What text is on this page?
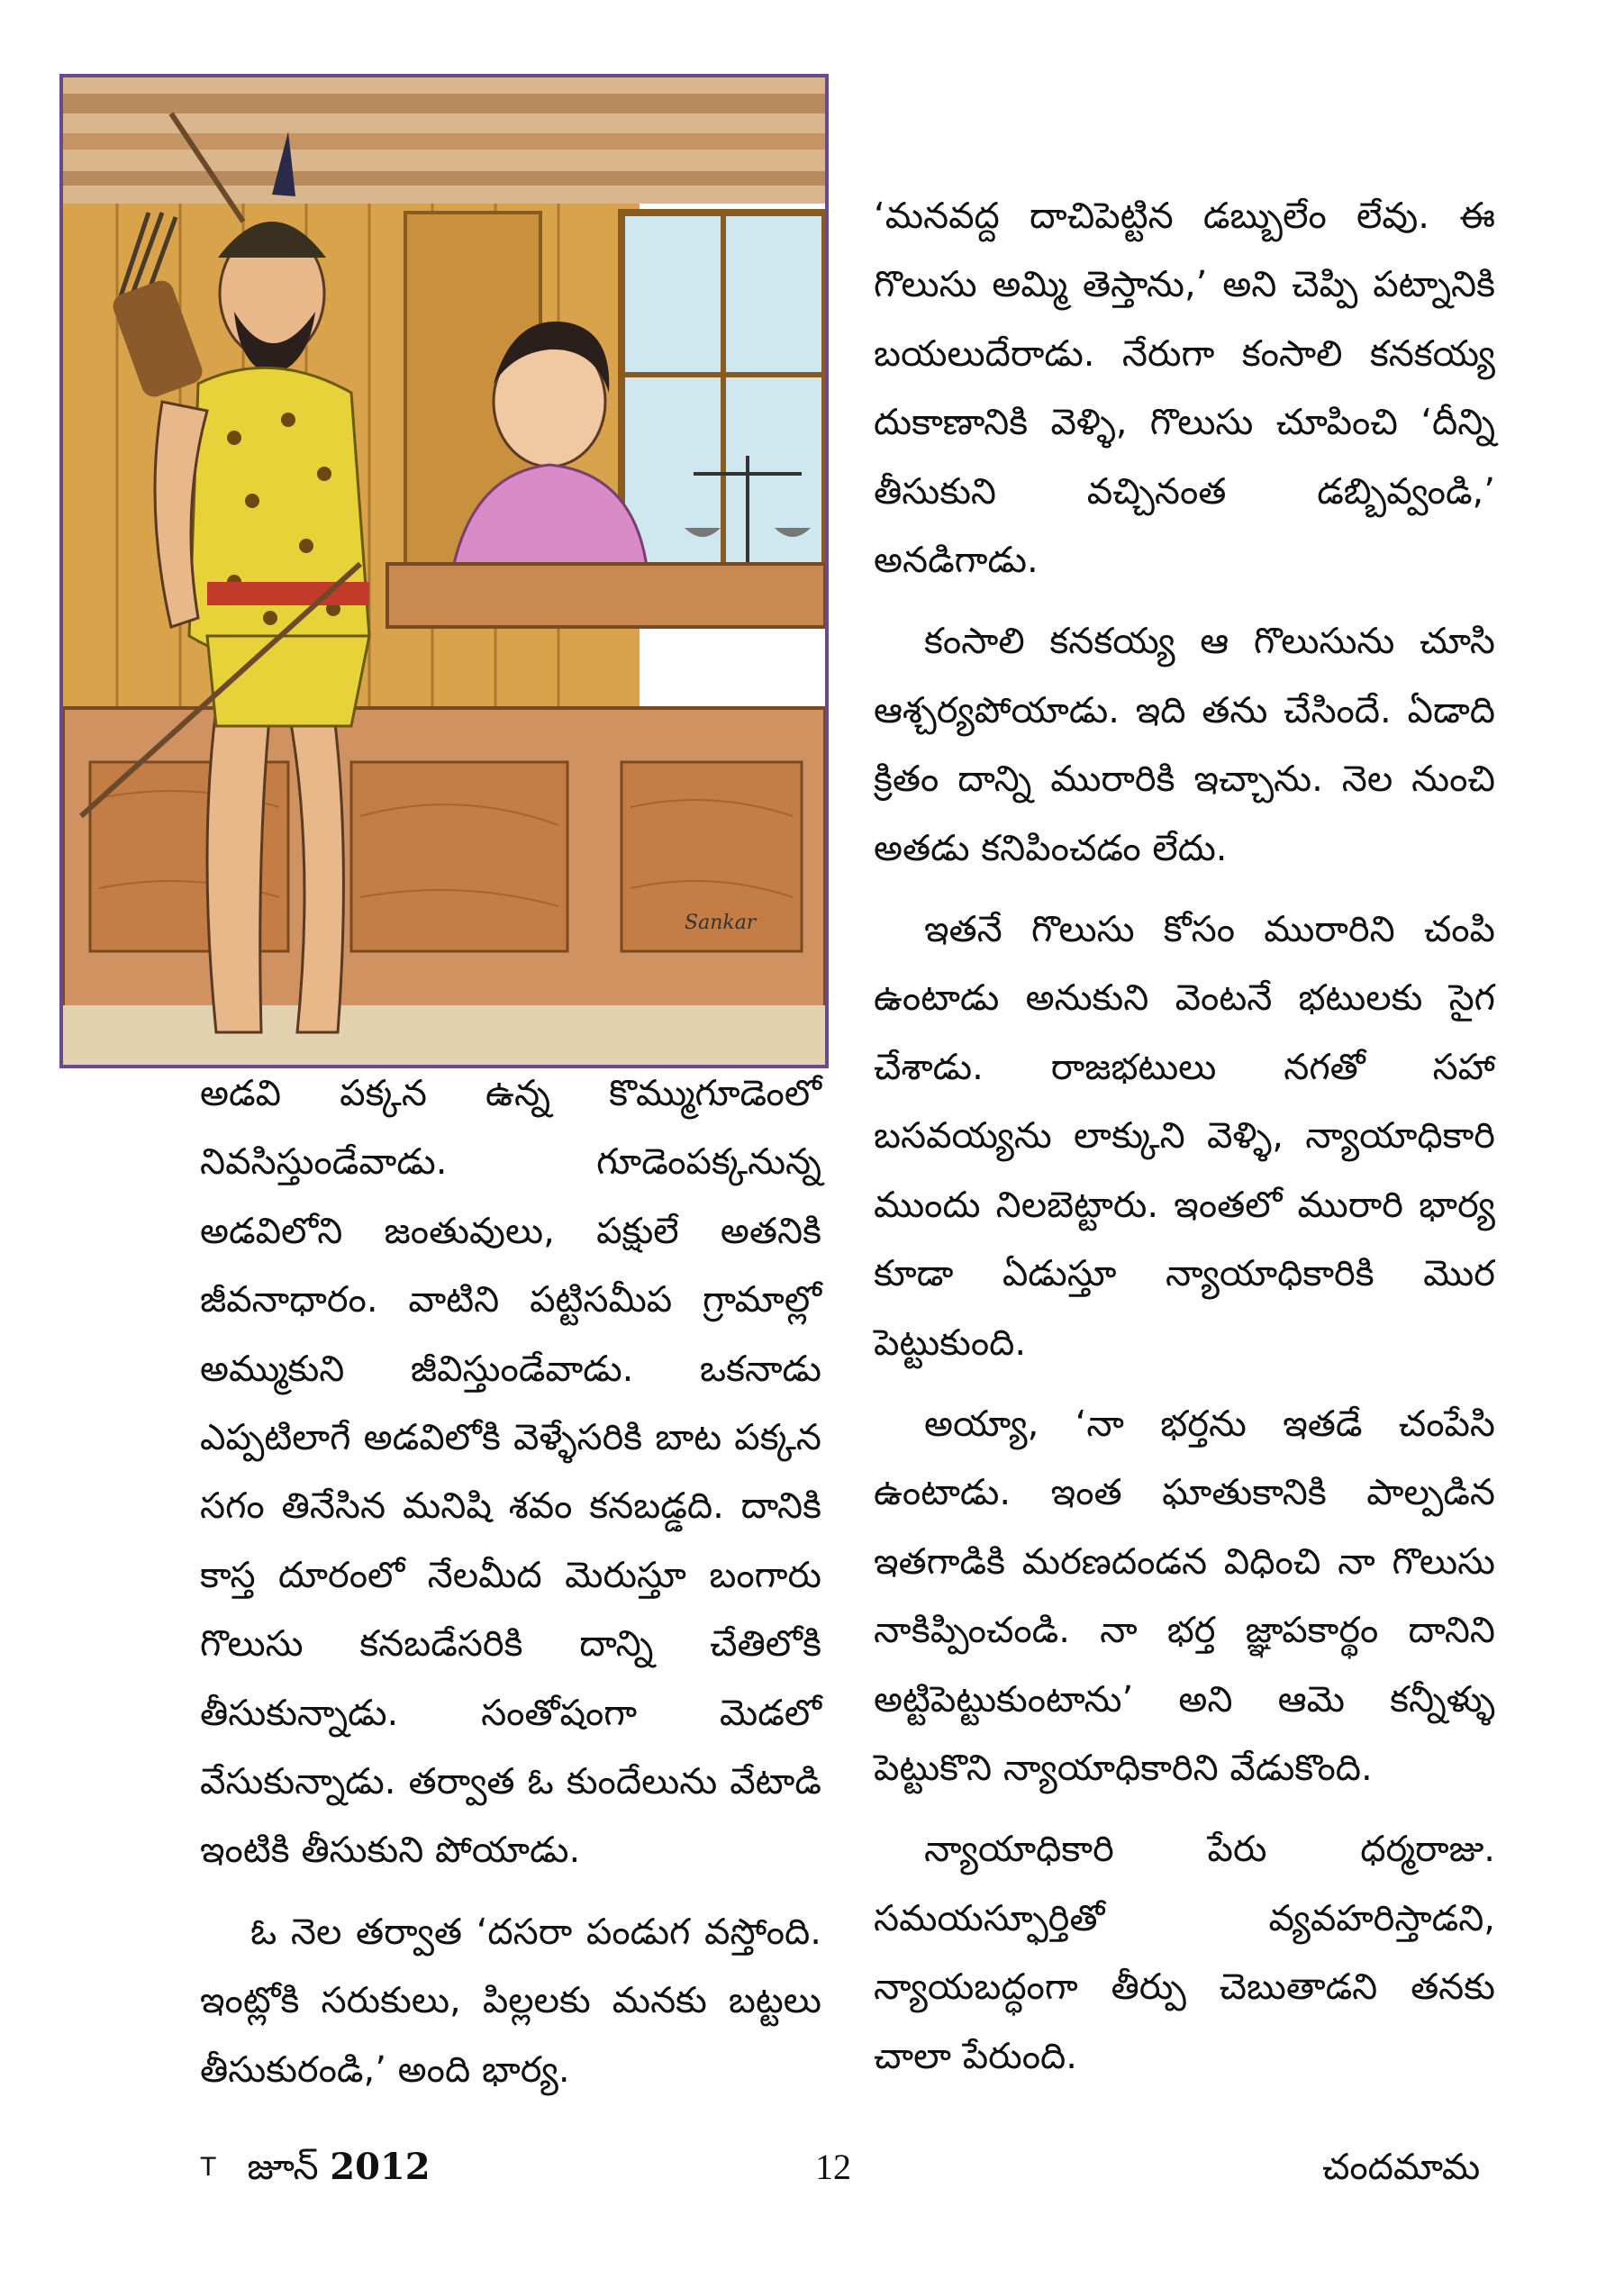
Sankar

‘మనవద్ద దాచిపెట్టిన డబ్బులేం లేవు. ఈ గొలుసు అమ్మి తెస్తాను,’ అని చెప్పి పట్నానికి బయలుదేరాడు. నేరుగా కంసాలి కనకయ్య దుకాణానికి వెళ్ళి, గొలుసు చూపించి ‘దీన్ని తీసుకుని వచ్చినంత డబ్బివ్వండి,’ అనడిగాడు.

కంసాలి కనకయ్య ఆ గొలుసును చూసి ఆశ్చర్యపోయాడు. ఇది తను చేసిందే. ఏడాది క్రితం దాన్ని మురారికి ఇచ్చాను. నెల నుంచి అతడు కనిపించడం లేదు.

ఇతనే గొలుసు కోసం మురారిని చంపి ఉంటాడు అనుకుని వెంటనే భటులకు సైగ చేశాడు. రాజభటులు నగతో సహా బసవయ్యను లాక్కుని వెళ్ళి, న్యాయాధికారి ముందు నిలబెట్టారు. ఇంతలో మురారి భార్య కూడా ఏడుస్తూ న్యాయాధికారికి మొర పెట్టుకుంది.

అయ్యా, ‘నా భర్తను ఇతడే చంపేసి ఉంటాడు. ఇంత ఘాతుకానికి పాల్పడిన ఇతగాడికి మరణదండన విధించి నా గొలుసు నాకిప్పించండి. నా భర్త జ్ఞాపకార్థం దానిని అట్టిపెట్టుకుంటాను’ అని ఆమె కన్నీళ్ళు పెట్టుకొని న్యాయాధికారిని వేడుకొంది.

న్యాయాధికారి పేరు ధర్మరాజు. సమయస్ఫూర్తితో వ్యవహరిస్తాడని, న్యాయబద్ధంగా తీర్పు చెబుతాడని తనకు చాలా పేరుంది.

అడవి పక్కన ఉన్న కొమ్ముగూడెంలో నివసిస్తుండేవాడు. గూడెంపక్కనున్న అడవిలోని జంతువులు, పక్షులే అతనికి జీవనాధారం. వాటిని పట్టిసమీప గ్రామాల్లో అమ్ముకుని జీవిస్తుండేవాడు. ఒకనాడు ఎప్పటిలాగే అడవిలోకి వెళ్ళేసరికి బాట పక్కన సగం తినేసిన మనిషి శవం కనబడ్డది. దానికి కాస్త దూరంలో నేలమీద మెరుస్తూ బంగారు గొలుసు కనబడేసరికి దాన్ని చేతిలోకి తీసుకున్నాడు. సంతోషంగా మెడలో వేసుకున్నాడు. తర్వాత ఓ కుందేలును వేటాడి ఇంటికి తీసుకుని పోయాడు.

ఓ నెల తర్వాత ‘దసరా పండుగ వస్తోంది. ఇంట్లోకి సరుకులు, పిల్లలకు మనకు బట్టలు తీసుకురండి,’ అంది భార్య.

$^T$ జూన్ 2012	12	చందమామ
